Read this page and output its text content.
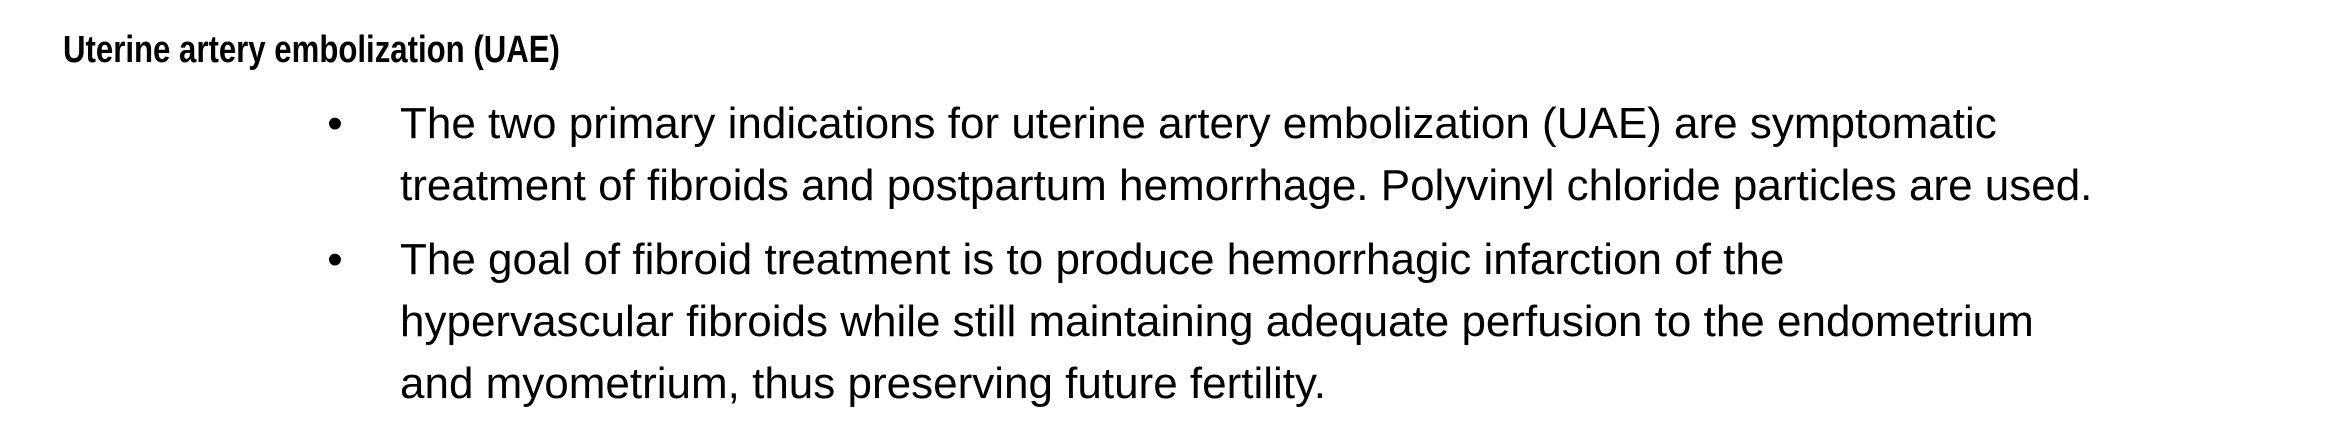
Uterine artery embolization (UAE)
• The two primary indications for uterine artery embolization (UAE) are symptomatic
treatment of fibroids and postpartum hemorrhage. Polyvinyl chloride particles are used.
• The goal of fibroid treatment is to produce hemorrhagic infarction of the
hypervascular fibroids while still maintaining adequate perfusion to the endometrium
and myometrium, thus preserving future fertility.
